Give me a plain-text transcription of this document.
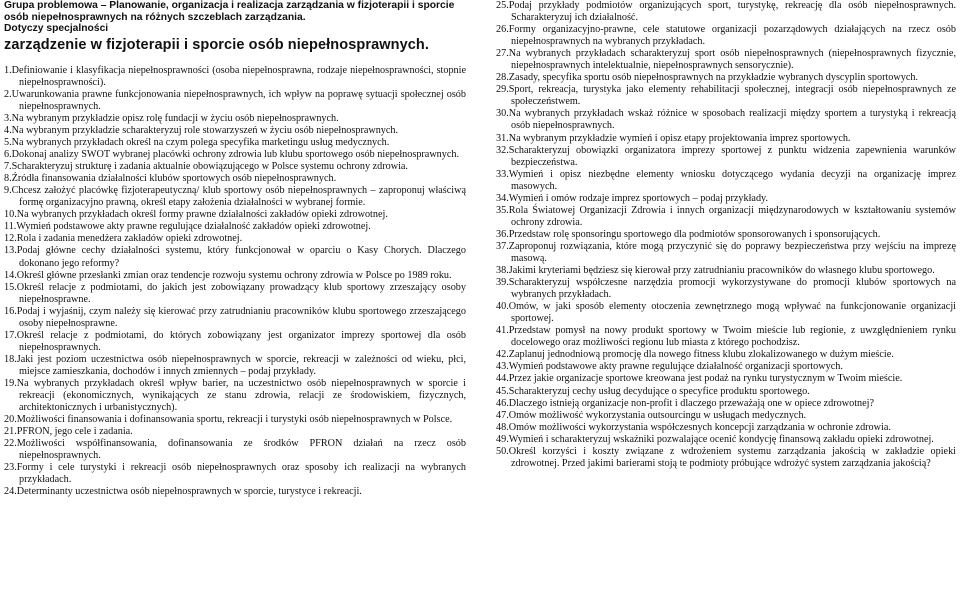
Grupa problemowa – Planowanie, organizacja i realizacja zarządzania w fizjoterapii i sporcie osób niepełnosprawnych na różnych szczeblach zarządzania.
Dotyczy specjalności
zarządzenie w fizjoterapii i sporcie osób niepełnosprawnych.
1.Definiowanie i klasyfikacja niepełnosprawności (osoba niepełnosprawna, rodzaje niepełnosprawności, stopnie niepełnosprawności).
2.Uwarunkowania prawne funkcjonowania niepełnosprawnych, ich wpływ na poprawę sytuacji społecznej osób niepełnosprawnych.
3.Na wybranym przykładzie opisz rolę fundacji w życiu osób niepełnosprawnych.
4.Na wybranym przykładzie scharakteryzuj role stowarzyszeń w życiu osób niepełnosprawnych.
5.Na wybranych przykładach określ na czym polega specyfika marketingu usług medycznych.
6.Dokonaj analizy SWOT wybranej placówki ochrony zdrowia lub klubu sportowego osób niepełnosprawnych.
7.Scharakteryzuj strukturę i zadania aktualnie obowiązującego w Polsce systemu ochrony zdrowia.
8.Źródła finansowania działalności klubów sportowych osób niepełnosprawnych.
9.Chcesz założyć placówkę fizjoterapeutyczną/ klub sportowy osób niepełnosprawnych – zaproponuj właściwą formę organizacyjno prawną, określ etapy założenia działalności w wybranej formie.
10.Na wybranych przykładach określ formy prawne działalności zakładów opieki zdrowotnej.
11.Wymień podstawowe akty prawne regulujące działalność zakładów opieki zdrowotnej.
12.Rola i zadania menedżera zakładów opieki zdrowotnej.
13.Podaj główne cechy działalności systemu, który funkcjonował w oparciu o Kasy Chorych. Dlaczego dokonano jego reformy?
14.Określ główne przesłanki zmian oraz tendencje rozwoju systemu ochrony zdrowia w Polsce po 1989 roku.
15.Określ relacje z podmiotami, do jakich jest zobowiązany prowadzący klub sportowy zrzeszający osoby niepełnosprawne.
16.Podaj i wyjaśnij, czym należy się kierować przy zatrudnianiu pracowników klubu sportowego zrzeszającego osoby niepełnosprawne.
17.Określ relacje z podmiotami, do których zobowiązany jest organizator imprezy sportowej dla osób niepełnosprawnych.
18.Jaki jest poziom uczestnictwa osób niepełnosprawnych w sporcie, rekreacji w zależności od wieku, płci, miejsce zamieszkania, dochodów i innych zmiennych – podaj przykłady.
19.Na wybranych przykładach określ wpływ barier, na uczestnictwo osób niepełnosprawnych w sporcie i rekreacji (ekonomicznych, wynikających ze stanu zdrowia, relacji ze środowiskiem, fizycznych, architektonicznych i urbanistycznych).
20.Możliwości finansowania i dofinansowania sportu, rekreacji i turystyki osób niepełnosprawnych w Polsce.
21.PFRON, jego cele i zadania.
22.Możliwości współfinansowania, dofinansowania ze środków PFRON działań na rzecz osób niepełnosprawnych.
23.Formy i cele turystyki i rekreacji osób niepełnosprawnych oraz sposoby ich realizacji na wybranych przykładach.
24.Determinanty uczestnictwa osób niepełnosprawnych w sporcie, turystyce i rekreacji.
25.Podaj przykłady podmiotów organizujących sport, turystykę, rekreację dla osób niepełnosprawnych. Scharakteryzuj ich działalność.
26.Formy organizacyjno-prawne, cele statutowe organizacji pozarządowych działających na rzecz osób niepełnosprawnych na wybranych przykładach.
27.Na wybranych przykładach scharakteryzuj sport osób niepełnosprawnych (niepełnosprawnych fizycznie, niepełnosprawnych intelektualnie, niepełnosprawnych sensorycznie).
28.Zasady, specyfika sportu osób niepełnosprawnych na przykładzie wybranych dyscyplin sportowych.
29.Sport, rekreacja, turystyka jako elementy rehabilitacji społecznej, integracji osób niepełnosprawnych ze społeczeństwem.
30.Na wybranych przykładach wskaż różnice w sposobach realizacji między sportem a turystyką i rekreacją osób niepełnosprawnych.
31.Na wybranym przykładzie wymień i opisz etapy projektowania imprez sportowych.
32.Scharakteryzuj obowiązki organizatora imprezy sportowej z punktu widzenia zapewnienia warunków bezpieczeństwa.
33.Wymień i opisz niezbędne elementy wniosku dotyczącego wydania decyzji na organizację imprez masowych.
34.Wymień i omów rodzaje imprez sportowych – podaj przykłady.
35.Rola Światowej Organizacji Zdrowia i innych organizacji międzynarodowych w kształtowaniu systemów ochrony zdrowia.
36.Przedstaw rolę sponsoringu sportowego dla podmiotów sponsorowanych i sponsorujących.
37.Zaproponuj rozwiązania, które mogą przyczynić się do poprawy bezpieczeństwa przy wejściu na imprezę masową.
38.Jakimi kryteriami będziesz się kierował przy zatrudnianiu pracowników do własnego klubu sportowego.
39.Scharakteryzuj współczesne narzędzia promocji wykorzystywane do promocji klubów sportowych na wybranych przykładach.
40.Omów, w jaki sposób elementy otoczenia zewnętrznego mogą wpływać na funkcjonowanie organizacji sportowej.
41.Przedstaw pomysł na nowy produkt sportowy w Twoim mieście lub regionie, z uwzględnieniem rynku docelowego oraz możliwości regionu lub miasta z którego pochodzisz.
42.Zaplanuj jednodniową promocję dla nowego fitness klubu zlokalizowanego w dużym mieście.
43.Wymień podstawowe akty prawne regulujące działalność organizacji sportowych.
44.Przez jakie organizacje sportowe kreowana jest podaż na rynku turystycznym w Twoim mieście.
45.Scharakteryzuj cechy usług decydujące o specyfice produktu sportowego.
46.Dlaczego istnieją organizacje non-profit i dlaczego przeważają one w opiece zdrowotnej?
47.Omów możliwość wykorzystania outsourcingu w usługach medycznych.
48.Omów możliwości wykorzystania współczesnych koncepcji zarządzania w ochronie zdrowia.
49.Wymień i scharakteryzuj wskaźniki pozwalające ocenić kondycję finansową zakładu opieki zdrowotnej.
50.Określ korzyści i koszty związane z wdrożeniem systemu zarządzania jakością w zakładzie opieki zdrowotnej. Przed jakimi barierami stoją te podmioty próbujące wdrożyć system zarządzania jakością?
